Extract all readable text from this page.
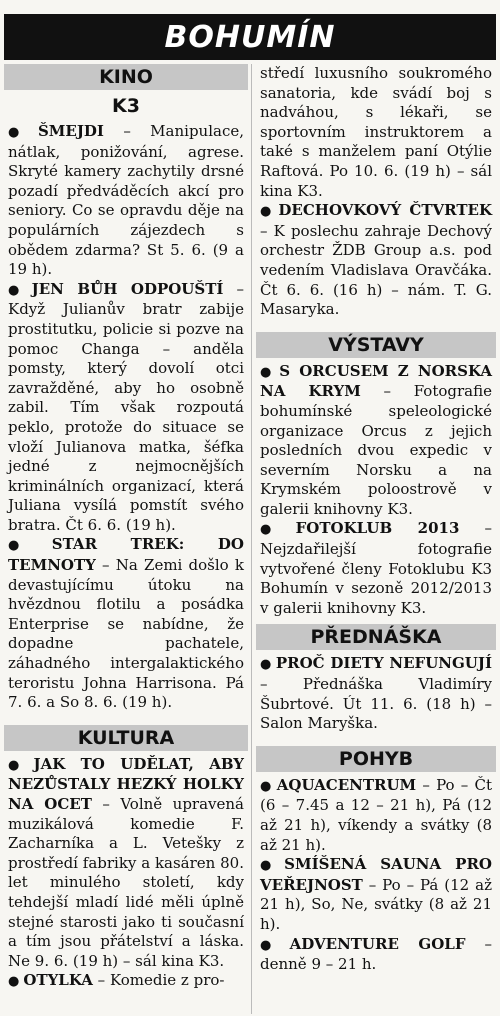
BOHUMÍN
KINO
K3

● ŠMEJDI – Manipulace, nátlak, ponižování, agrese. Skryté kamery zachytily drsné pozadí předváděcích akcí pro seniory. Co se opravdu děje na populárních zájezdech s obědem zdarma? St 5. 6. (9 a 19 h).

● JEN BŮH ODPOUŠTÍ – Když Julianův bratr zabije prostitutku, policie si pozve na pomoc Changa – anděla pomsty, který dovolí otci zavražděné, aby ho osobně zabil. Tím však rozpoutá peklo, protože do situace se vloží Julianova matka, šéfka jedné z nejmocnějších kriminálních organizací, která Juliana vysílá pomstít svého bratra. Čt 6. 6. (19 h).

● STAR TREK: DO TEMNOTY – Na Zemi došlo k devastujícímu útoku na hvězdnou flotilu a posádka Enterprise se nabídne, že dopadne pachatele, záhadného intergalaktického teroristu Johna Harrisona. Pá 7. 6. a So 8. 6. (19 h).

KULTURA

● JAK TO UDĚLAT, ABY NEZŮSTALY HEZKÝ HOLKY NA OCET – Volně upravená muzikálová komedie F. Zacharníka a L. Vetešky z prostředí fabriky a kasáren 80. let minulého století, kdy tehdejší mladí lidé měli úplně stejné starosti jako ti současní a tím jsou přátelství a láska. Ne 9. 6. (19 h) – sál kina K3.

● OTYLKA – Komedie z pro-

středí luxusního soukromého sanatoria, kde svádí boj s nadváhou, s lékaři, se sportovním instruktorem a také s manželem paní Otýlie Raftová. Po 10. 6. (19 h) – sál kina K3.

● DECHOVKOVÝ ČTVRTEK – K poslechu zahraje Dechový orchestr ŽDB Group a.s. pod vedením Vladislava Oravčáka. Čt 6. 6. (16 h) – nám. T. G. Masaryka.

VÝSTAVY

● S ORCUSEM Z NORSKA NA KRYM – Fotografie bohumínské speleologické organizace Orcus z jejich posledních dvou expedic v severním Norsku a na Krymském poloostrově v galerii knihovny K3.

● FOTOKLUB 2013 – Nejzdařilejší fotografie vytvořené členy Fotoklubu K3 Bohumín v sezoně 2012/2013 v galerii knihovny K3.

PŘEDNÁŠKA

● PROČ DIETY NEFUNGUJÍ – Přednáška Vladimíry Šubrtové. Út 11. 6. (18 h) – Salon Maryška.

POHYB

● AQUACENTRUM – Po – Čt (6 – 7.45 a 12 – 21 h), Pá (12 až 21 h), víkendy a svátky (8 až 21 h).

● SMÍŠENÁ SAUNA PRO VEŘEJNOST – Po – Pá (12 až 21 h), So, Ne, svátky (8 až 21 h).

● ADVENTURE GOLF – denně 9 – 21 h.
